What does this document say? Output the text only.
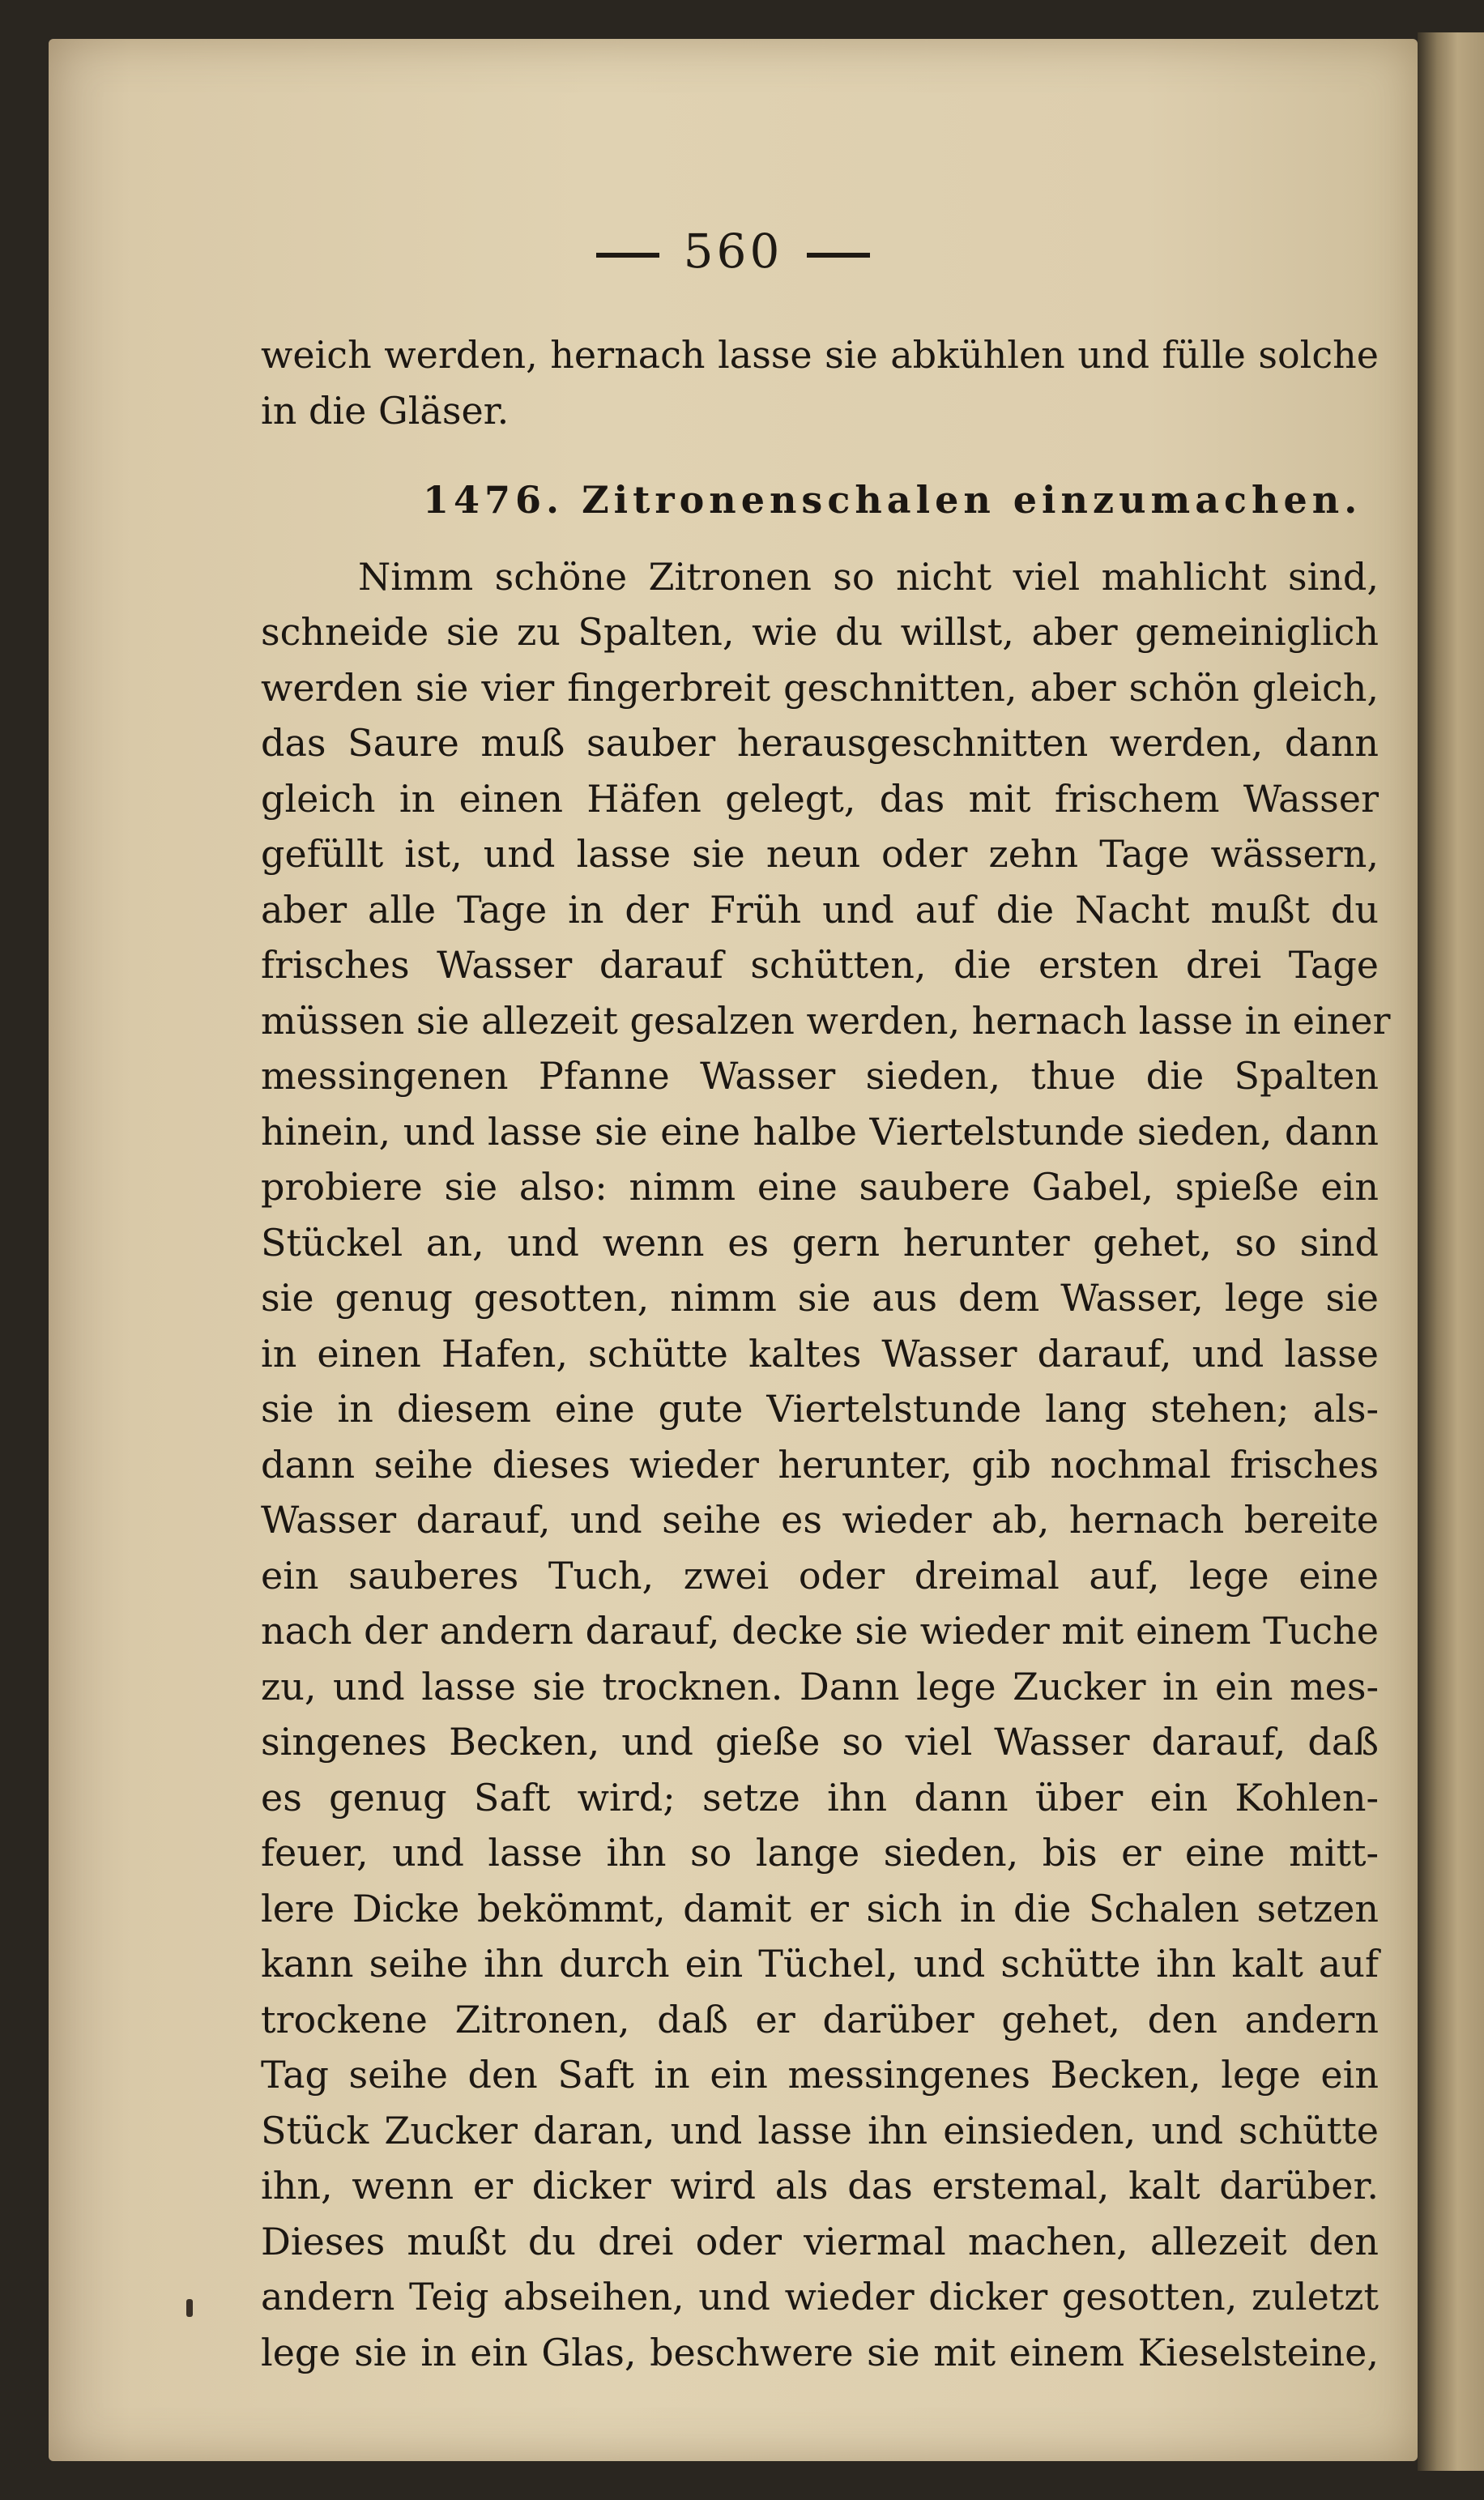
560
weich werden, hernach lasse sie abkühlen und fülle solche
in die Gläser.
1476. Zitronenschalen einzumachen.
Nimm schöne Zitronen so nicht viel mahlicht sind,
schneide sie zu Spalten, wie du willst, aber gemeiniglich
werden sie vier fingerbreit geschnitten, aber schön gleich,
das Saure muß sauber herausgeschnitten werden, dann
gleich in einen Häfen gelegt, das mit frischem Wasser
gefüllt ist, und lasse sie neun oder zehn Tage wässern,
aber alle Tage in der Früh und auf die Nacht mußt du
frisches Wasser darauf schütten, die ersten drei Tage
müssen sie allezeit gesalzen werden, hernach lasse in einer
messingenen Pfanne Wasser sieden, thue die Spalten
hinein, und lasse sie eine halbe Viertelstunde sieden, dann
probiere sie also: nimm eine saubere Gabel, spieße ein
Stückel an, und wenn es gern herunter gehet, so sind
sie genug gesotten, nimm sie aus dem Wasser, lege sie
in einen Hafen, schütte kaltes Wasser darauf, und lasse
sie in diesem eine gute Viertelstunde lang stehen; als-
dann seihe dieses wieder herunter, gib nochmal frisches
Wasser darauf, und seihe es wieder ab, hernach bereite
ein sauberes Tuch, zwei oder dreimal auf, lege eine
nach der andern darauf, decke sie wieder mit einem Tuche
zu, und lasse sie trocknen. Dann lege Zucker in ein mes-
singenes Becken, und gieße so viel Wasser darauf, daß
es genug Saft wird; setze ihn dann über ein Kohlen-
feuer, und lasse ihn so lange sieden, bis er eine mitt-
lere Dicke bekömmt, damit er sich in die Schalen setzen
kann seihe ihn durch ein Tüchel, und schütte ihn kalt auf
trockene Zitronen, daß er darüber gehet, den andern
Tag seihe den Saft in ein messingenes Becken, lege ein
Stück Zucker daran, und lasse ihn einsieden, und schütte
ihn, wenn er dicker wird als das erstemal, kalt darüber.
Dieses mußt du drei oder viermal machen, allezeit den
andern Teig abseihen, und wieder dicker gesotten, zuletzt
lege sie in ein Glas, beschwere sie mit einem Kieselsteine,
